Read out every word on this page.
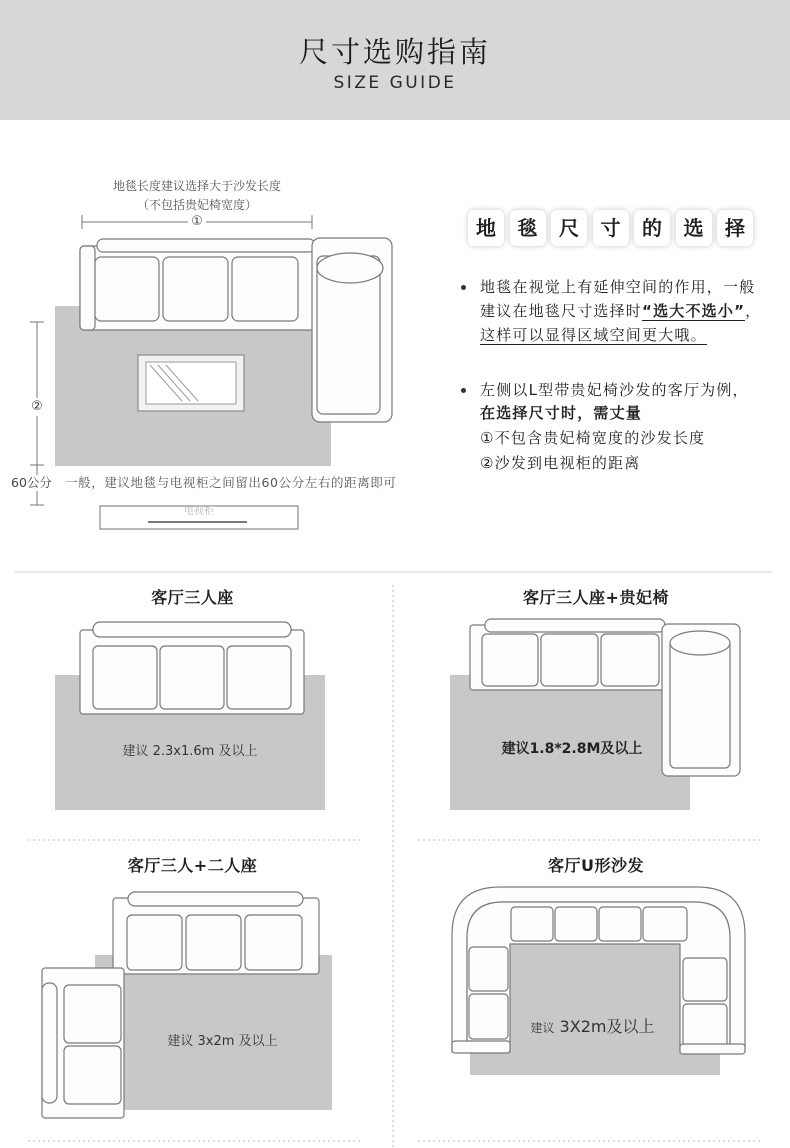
尺寸选购指南
SIZE GUIDE
地毯长度建议选择大于沙发长度
（不包括贵妃椅宽度）
①
②
60公分 一般，建议地毯与电视柜之间留出60公分左右的距离即可
电视柜
地	毯	尺	寸	的	选	择
地毯在视觉上有延伸空间的作用，一般
建议在地毯尺寸选择时“选大不选小”，
这样可以显得区域空间更大哦。
左侧以L型带贵妃椅沙发的客厅为例，
在选择尺寸时，需丈量
①不包含贵妃椅宽度的沙发长度
②沙发到电视柜的距离
客厅三人座
建议 2.3x1.6m 及以上
客厅三人座+贵妃椅
建议1.8*2.8M及以上
客厅三人+二人座
建议 3x2m 及以上
客厅U形沙发
建议 3X2m及以上
